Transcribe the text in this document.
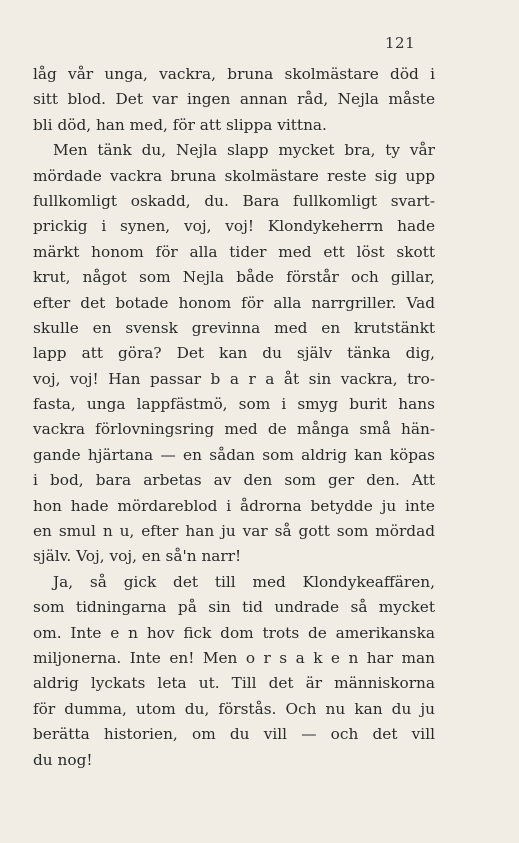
121
låg vår unga, vackra, bruna skolmästare död i
sitt blod. Det var ingen annan råd, Nejla måste
bli död, han med, för att slippa vittna.
Men tänk du, Nejla slapp mycket bra, ty vår
mördade vackra bruna skolmästare reste sig upp
fullkomligt oskadd, du. Bara fullkomligt svart-
prickig i synen, voj, voj! Klondykeherrn hade
märkt honom för alla tider med ett löst skott
krut, något som Nejla både förstår och gillar,
efter det botade honom för alla narrgriller. Vad
skulle en svensk grevinna med en krutstänkt
lapp att göra? Det kan du själv tänka dig,
voj, voj! Han passar b a r a åt sin vackra, tro-
fasta, unga lappfästmö, som i smyg burit hans
vackra förlovningsring med de många små hän-
gande hjärtana — en sådan som aldrig kan köpas
i bod, bara arbetas av den som ger den. Att
hon hade mördareblod i ådrorna betydde ju inte
en smul n u, efter han ju var så gott som mördad
själv. Voj, voj, en så'n narr!
Ja, så gick det till med Klondykeaffären,
som tidningarna på sin tid undrade så mycket
om. Inte e n hov fick dom trots de amerikanska
miljonerna. Inte en! Men o r s a k e n har man
aldrig lyckats leta ut. Till det är människorna
för dumma, utom du, förstås. Och nu kan du ju
berätta historien, om du vill — och det vill
du nog!
